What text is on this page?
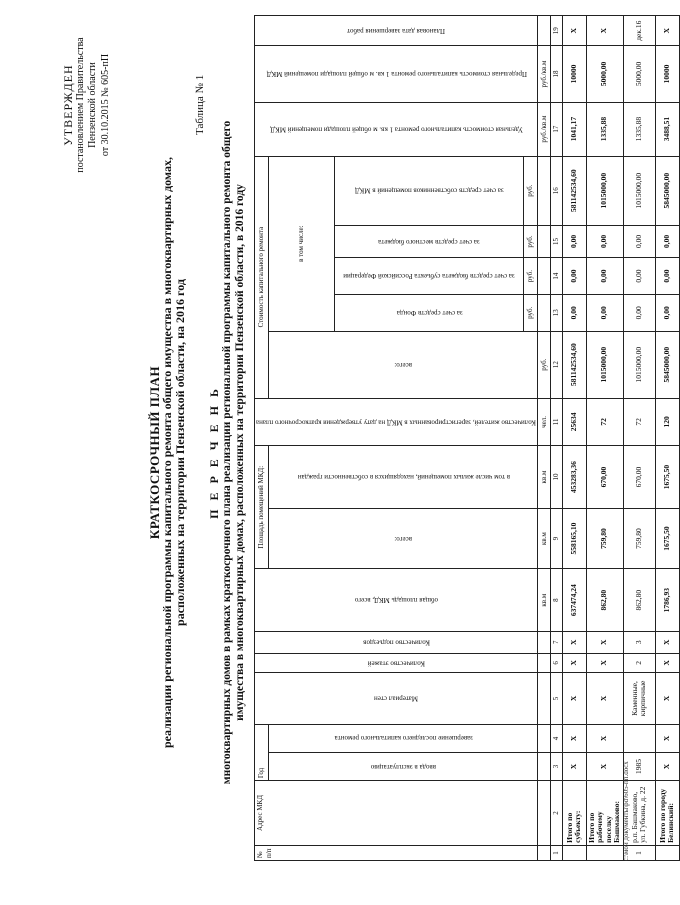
УТВЕРЖДЕН постановлением Правительства Пензенской области от 30.10.2015 № 605-пП
КРАТКОСРОЧНЫЙ ПЛАН
реализации региональной программы капитального ремонта общего имущества в многоквартирных домах, расположенных на территории Пензенской области, на 2016 год
Таблица № 1
П Е Р Е Ч Е Н Ь многоквартирных домов в рамках краткосрочного плана реализации региональной программы капитального ремонта общего имущества в многоквартирных домах, расположенных на территории Пензенской области, в 2016 году
№ п/п	Адрес МКД	Год		Материал стен	Количество этажей	Количество подъездов	общая площадь МКД, всего	Площадь помещений МКД:		Количество жителей, зарегистрированных в МКД на дату утверждения краткосрочного плана	Стоимость капитального ремонта					Удельная стоимость капитального ремонта 1 кв. м общей площади помещений МКД	Предельная стоимость капитального ремонта 1 кв. м общей площади помещений МКД	Плановая дата завершения работ
		ввода в эксплуатацию	завершение последнего капитального ремонта					всего:	в том числе жилых помещений, находящихся в собственности граждан		всего:	в том числе:						
												за счет средств Фонда	за счет средств бюджета субъекта Российской Федерации	за счет средств местного бюджета	за счет средств собственников помещений в МКД			
												руб.	руб.	руб.	руб.			
							кв.м	кв.м	кв.м	чел.	руб.					руб./кв.м	руб./кв.м	
1	2	3	4	5	6	7	8	9	10	11	12	13	14	15	16	17	18	19
	Итого по субъекту:	Х	Х	Х	Х	Х	637474,24	558165,10	453283,36	25634	581142534,60	0,00	0,00	0,00	581142534,60	1041,17	10000	Х
	Итого по рабочему поселку Башмаково:	Х	Х	Х	Х	Х	862,80	759,80	670,00	72	1015000,00	0,00	0,00	0,00	1015000,00	1335,88	5000,00	Х
1	р.п. Башмаково, ул. Губкина, д. 22	1985		Каменные, кирпичные	2	3	862,80	759,80	670,00	72	1015000,00	0,00	0,00	0,00	1015000,00	1335,88	5000,00	дек.16
	Итого по городу Белинский:	Х	Х	Х	Х	Х	1786,93	1675,50	1675,50	120	5845000,00	0,00	0,00	0,00	5845000,00	3488,51	10000	Х
c:\мои документы\pd\605-пп.docx
